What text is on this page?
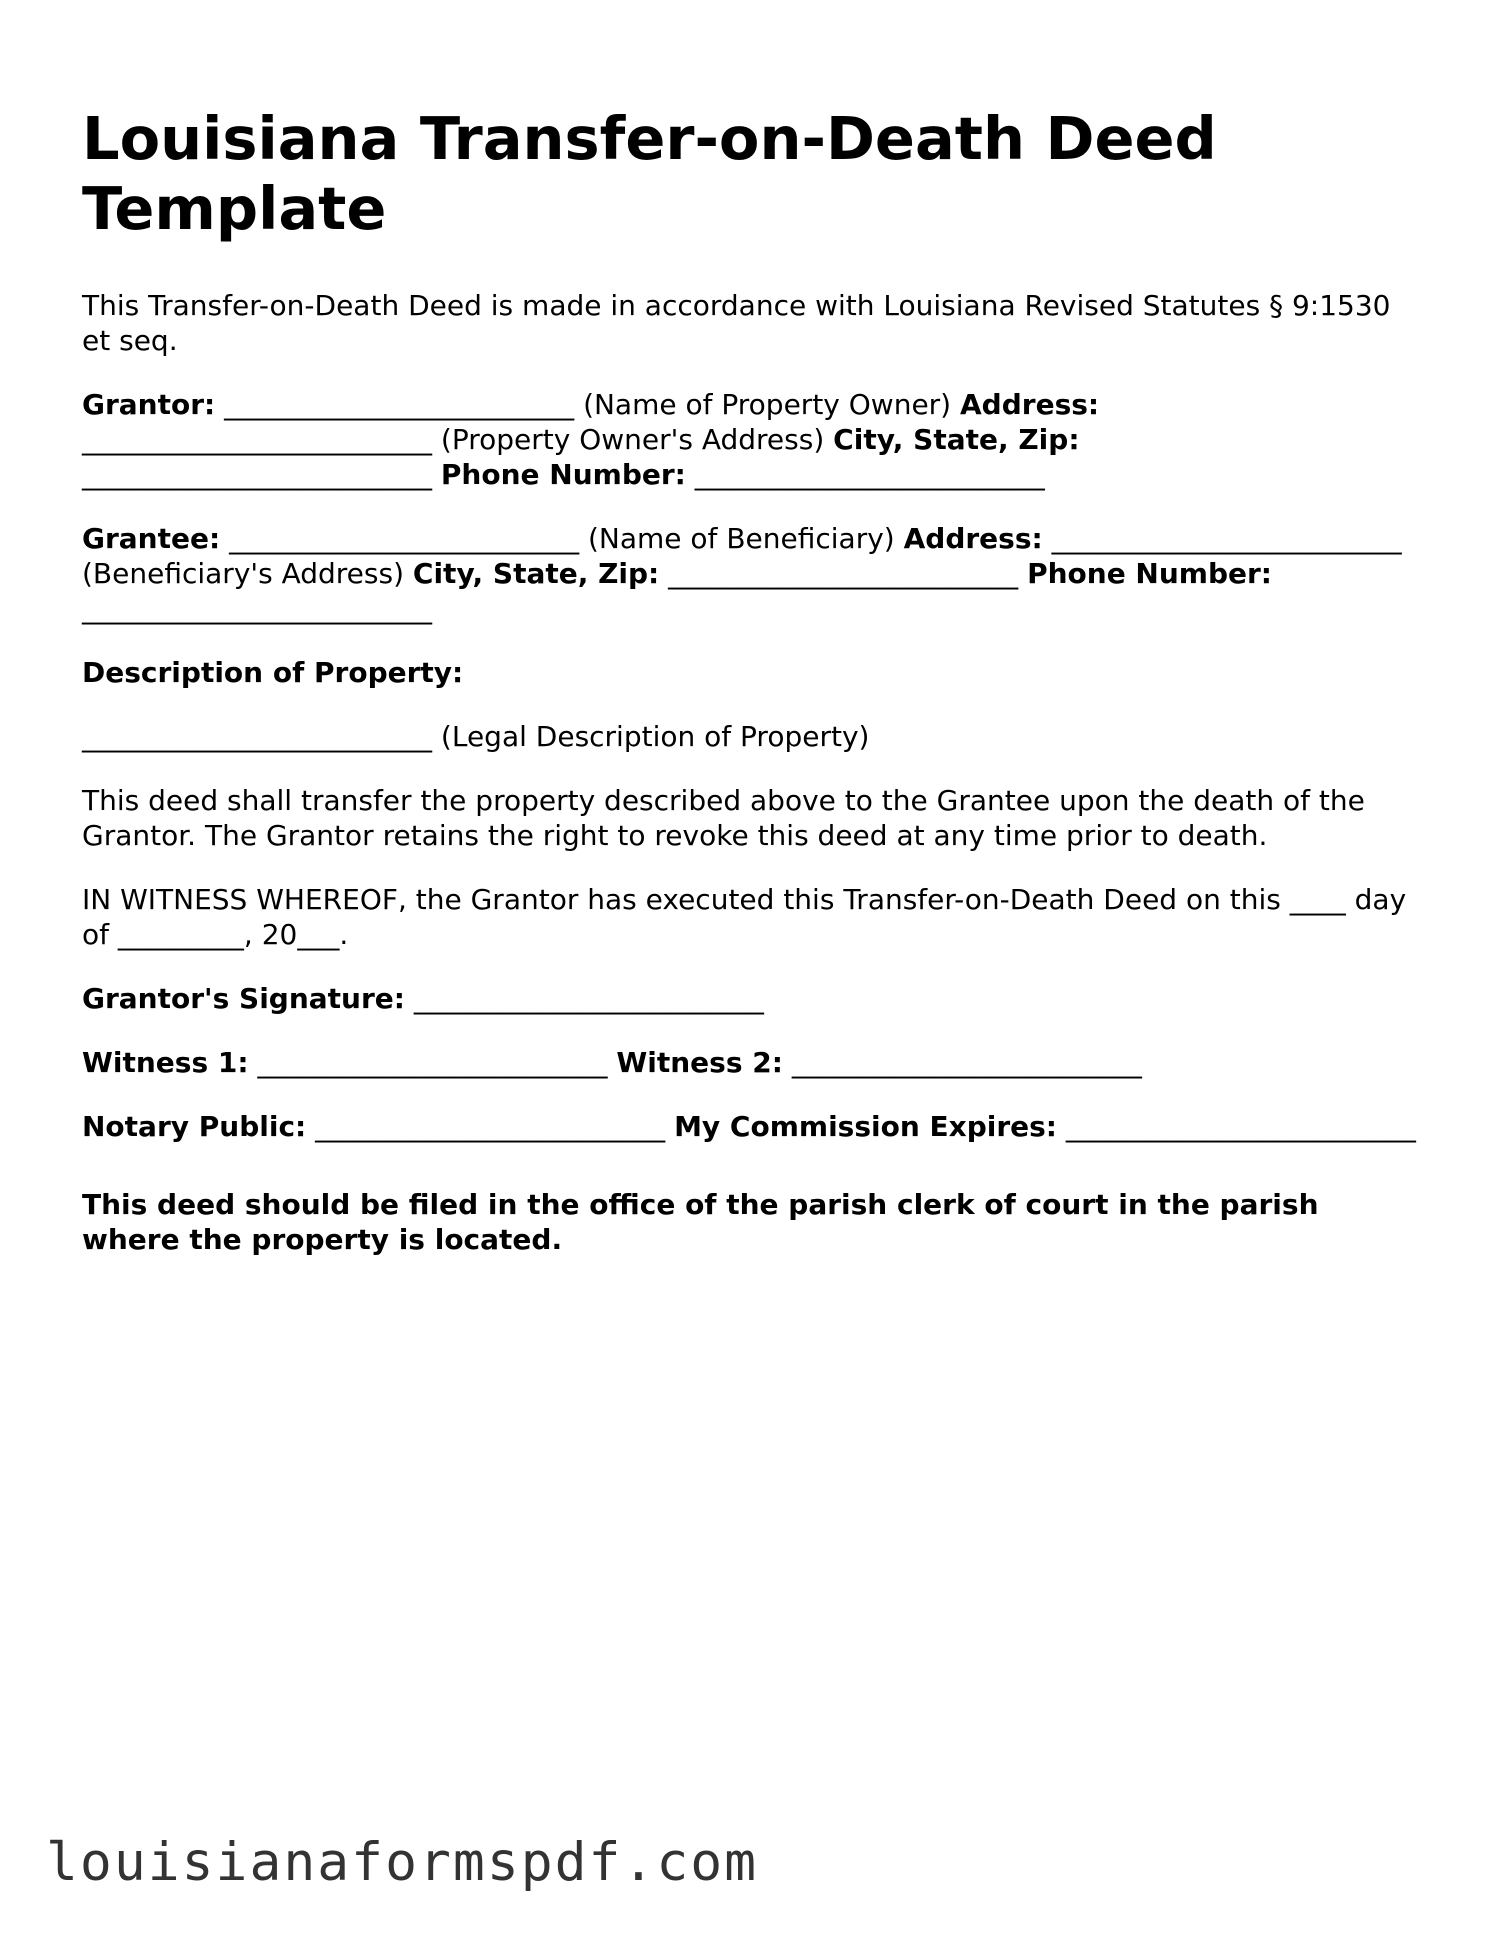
Louisiana Transfer-on-Death Deed Template

This Transfer-on-Death Deed is made in accordance with Louisiana Revised Statutes § 9:1530 et seq.

Grantor: _________________________ (Name of Property Owner) Address: _________________________ (Property Owner's Address) City, State, Zip: _________________________ Phone Number: _________________________

Grantee: _________________________ (Name of Beneficiary) Address: _________________________ (Beneficiary's Address) City, State, Zip: _________________________ Phone Number: _________________________

Description of Property:

_________________________ (Legal Description of Property)

This deed shall transfer the property described above to the Grantee upon the death of the Grantor. The Grantor retains the right to revoke this deed at any time prior to death.

IN WITNESS WHEREOF, the Grantor has executed this Transfer-on-Death Deed on this ____ day of _________, 20___.

Grantor's Signature: _________________________

Witness 1: _________________________ Witness 2: _________________________

Notary Public: _________________________ My Commission Expires: _________________________

This deed should be filed in the office of the parish clerk of court in the parish where the property is located.

louisianaformspdf.com
